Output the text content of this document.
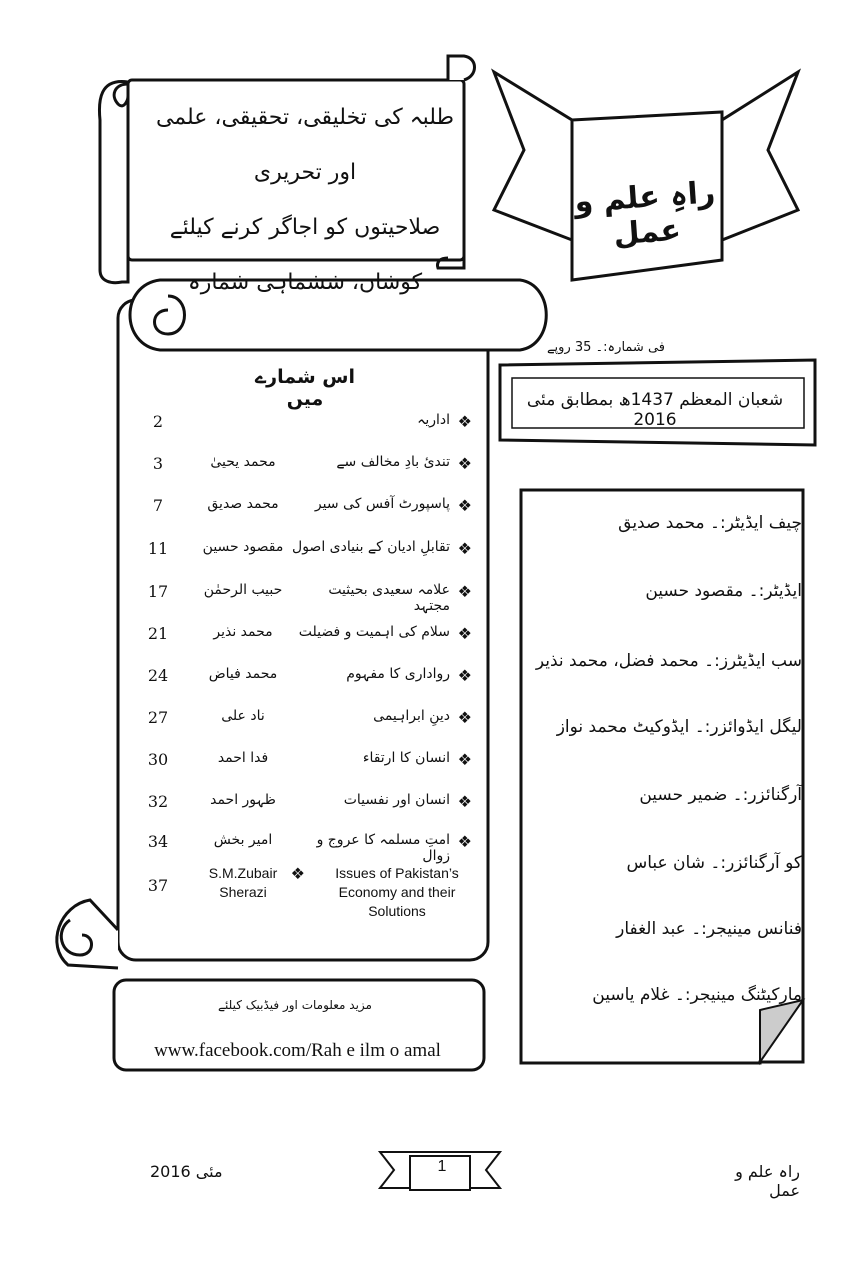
طلبہ کی تخلیقی، تحقیقی، علمی اور تحریری
صلاحیتوں کو اجاگر کرنے کیلئے
کوشاں، ششماہی شمارہ
راہِ علم و عمل
فی شمارہ:۔ 35 روپے
شعبان المعظم 1437ھ بمطابق مئی 2016
اس شمارے میں
❖
اداریہ
2
❖
تندیٔ بادِ مخالف سے
محمد یحییٰ
3
❖
پاسپورٹ آفس کی سیر
محمد صدیق
7
❖
تقابلِ ادیان کے بنیادی اصول
مقصود حسین
11
❖
علامہ سعیدی بحیثیت مجتہد
حبیب الرحمٰن
17
❖
سلام کی اہمیت و فضیلت
محمد نذیر
21
❖
رواداری کا مفہوم
محمد فیاض
24
❖
دینِ ابراہیمی
ناد علی
27
❖
انسان کا ارتقاء
فدا احمد
30
❖
انسان اور نفسیات
ظہور احمد
32
❖
امتِ مسلمہ کا عروج و زوال
امیر بخش
34
❖	Issues of Pakistan’s Economy and their Solutions
S.M.Zubair Sherazi
37
چیف ایڈیٹر:۔ محمد صدیق
ایڈیٹر:۔ مقصود حسین
سب ایڈیٹرز:۔ محمد فضل، محمد نذیر
لیگل ایڈوائزر:۔ ایڈوکیٹ محمد نواز
آرگنائزر:۔ ضمیر حسین
کو آرگنائزر:۔ شان عباس
فنانس مینیجر:۔ عبد الغفار
مارکیٹنگ مینیجر:۔ غلام یاسین
مزید معلومات اور فیڈبیک کیلئے
www.facebook.com/Rah e ilm o amal
مئی 2016	1	راہ علم و عمل
